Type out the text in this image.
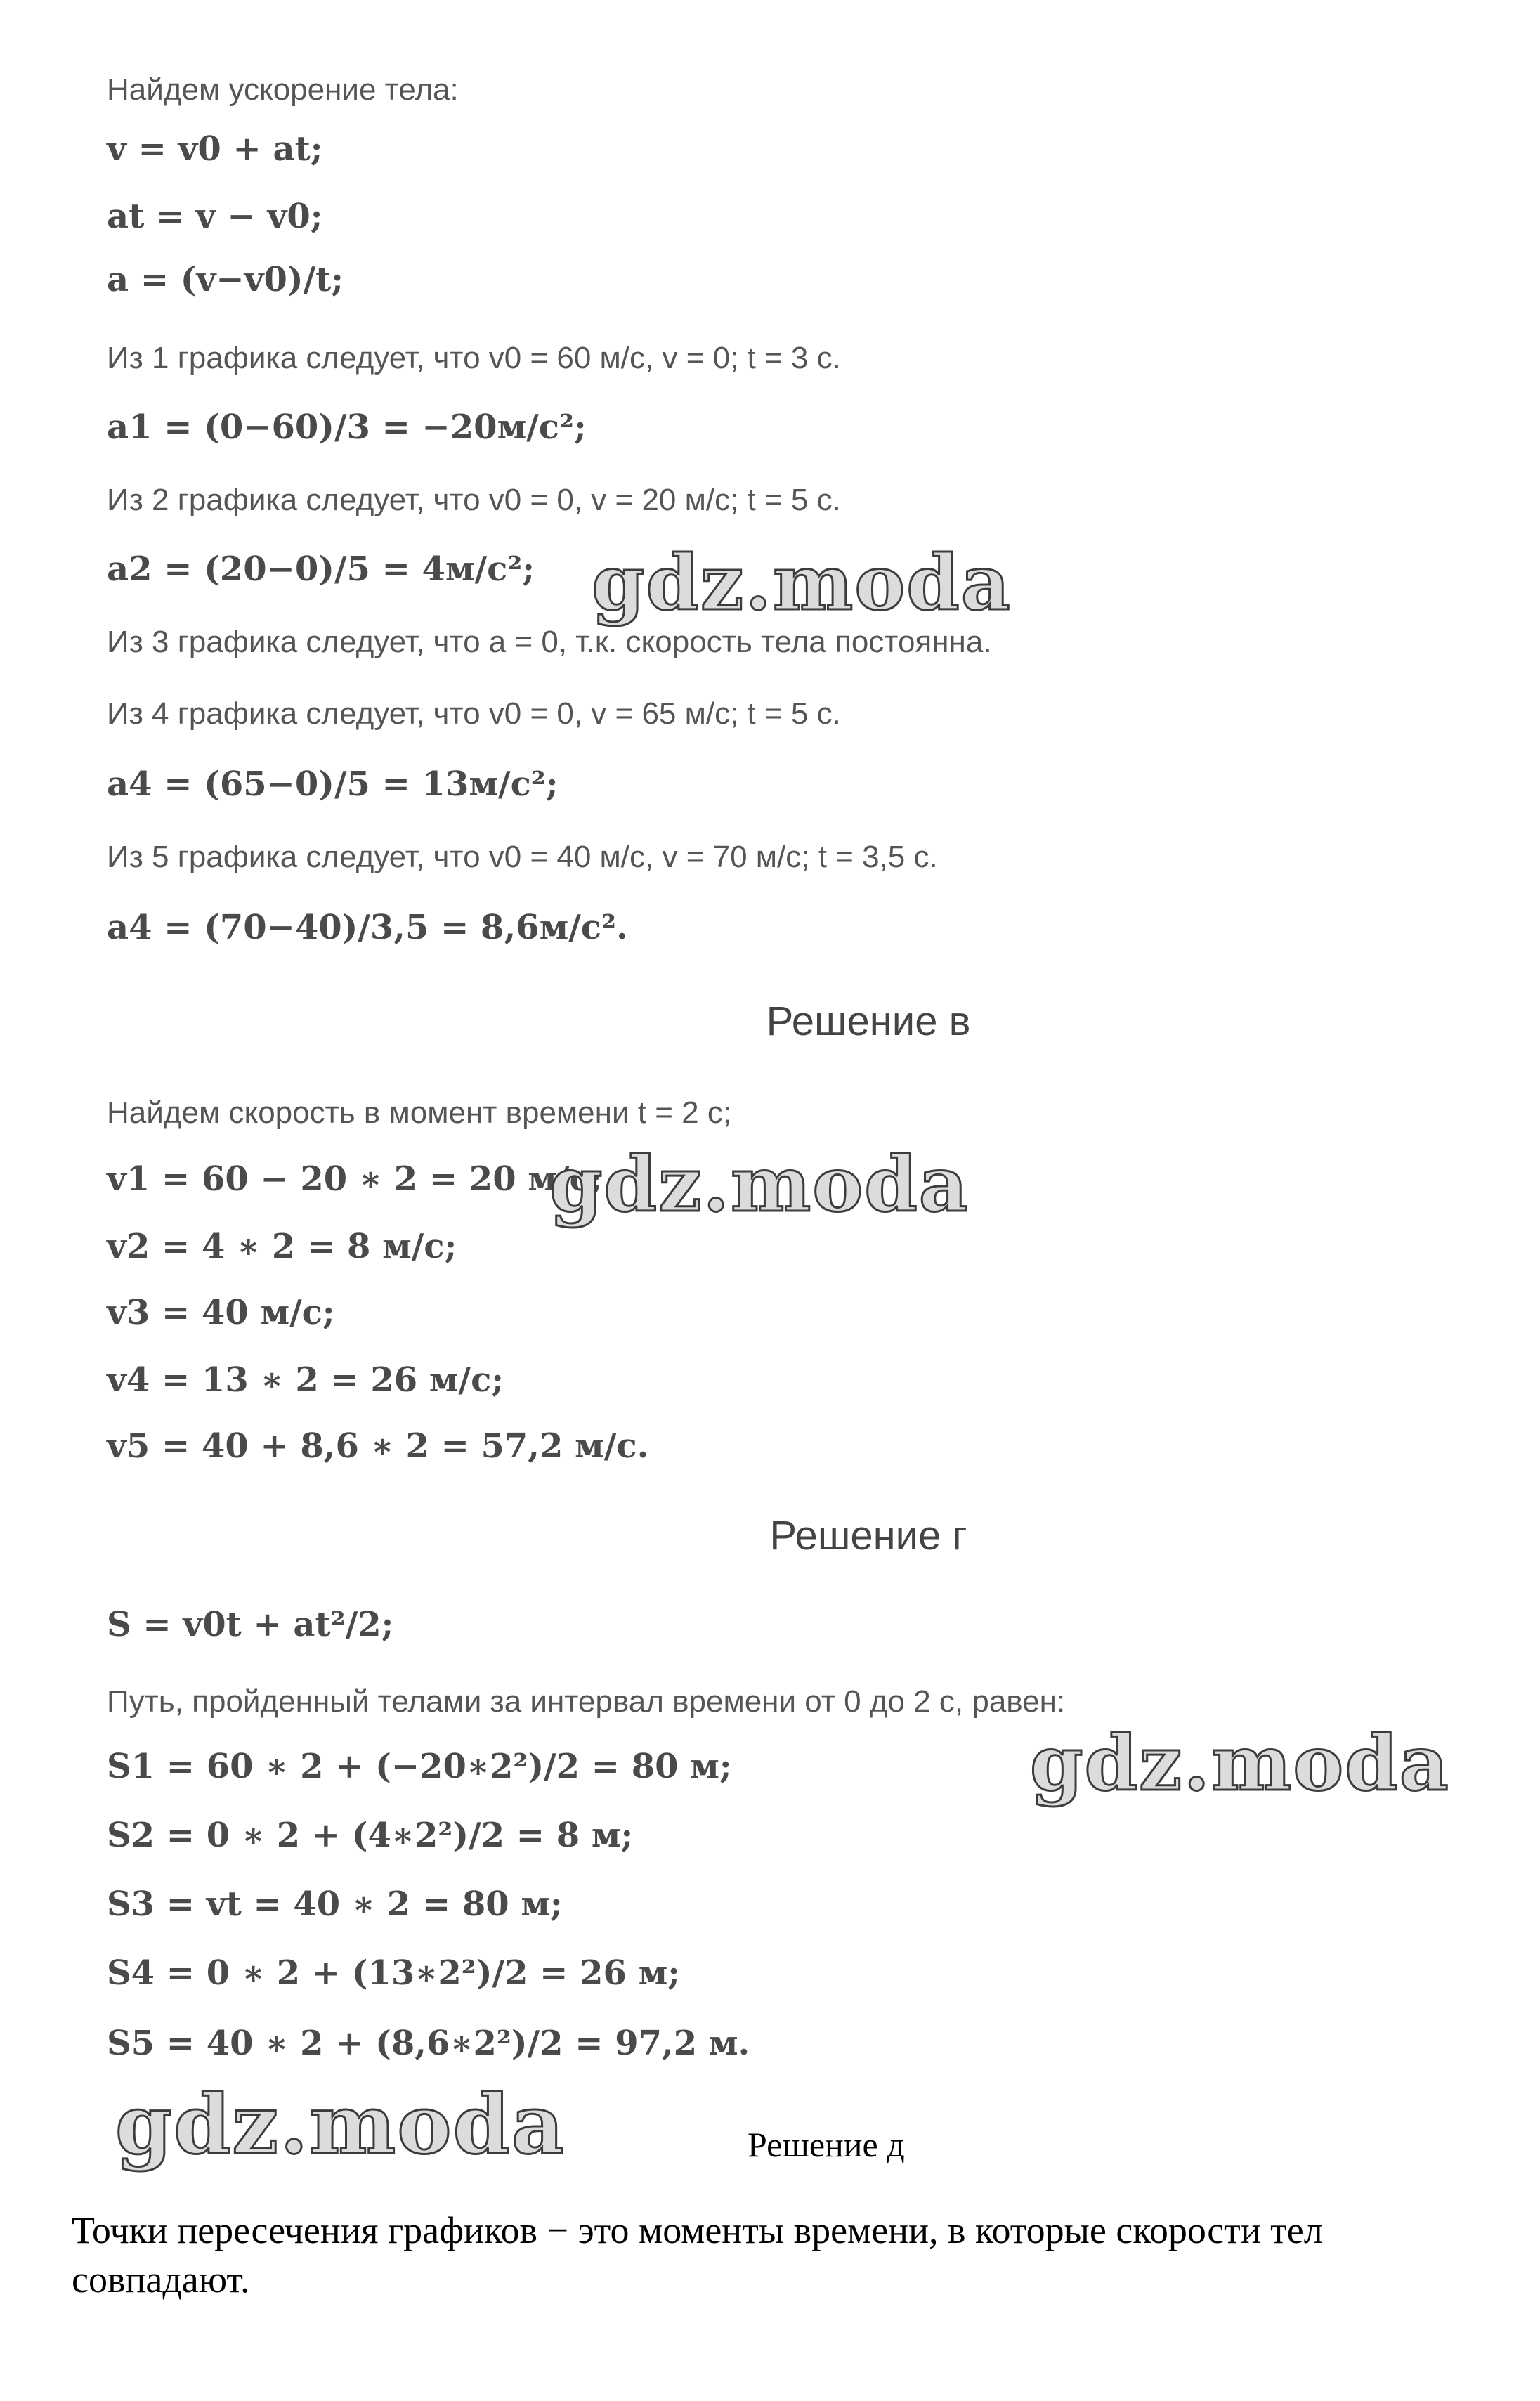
Найдем ускорение тела:
v = v0 + at;
at = v − v0;
a = (v−v0)/t;
Из 1 графика следует, что v0 = 60 м/с, v = 0; t = 3 с.
a1 = (0−60)/3 = −20м/с²;
Из 2 графика следует, что v0 = 0, v = 20 м/с; t = 5 с.
a2 = (20−0)/5 = 4м/с²;
Из 3 графика следует, что a = 0, т.к. скорость тела постоянна.
Из 4 графика следует, что v0 = 0, v = 65 м/с; t = 5 с.
a4 = (65−0)/5 = 13м/с²;
Из 5 графика следует, что v0 = 40 м/с, v = 70 м/с; t = 3,5 с.
a4 = (70−40)/3,5 = 8,6м/с².
Решение в
Найдем скорость в момент времени t = 2 с;
v1 = 60 − 20 ∗ 2 = 20 м/с;
v2 = 4 ∗ 2 = 8 м/с;
v3 = 40 м/с;
v4 = 13 ∗ 2 = 26 м/с;
v5 = 40 + 8,6 ∗ 2 = 57,2 м/с.
Решение г
S = v0t + at²/2;
Путь, пройденный телами за интервал времени от 0 до 2 с, равен:
S1 = 60 ∗ 2 + (−20∗2²)/2 = 80 м;
S2 = 0 ∗ 2 + (4∗2²)/2 = 8 м;
S3 = vt = 40 ∗ 2 = 80 м;
S4 = 0 ∗ 2 + (13∗2²)/2 = 26 м;
S5 = 40 ∗ 2 + (8,6∗2²)/2 = 97,2 м.
Решение д
Точки пересечения графиков − это моменты времени, в которые скорости тел
совпадают.
gdz.moda
gdz.moda
gdz.moda
gdz.moda
